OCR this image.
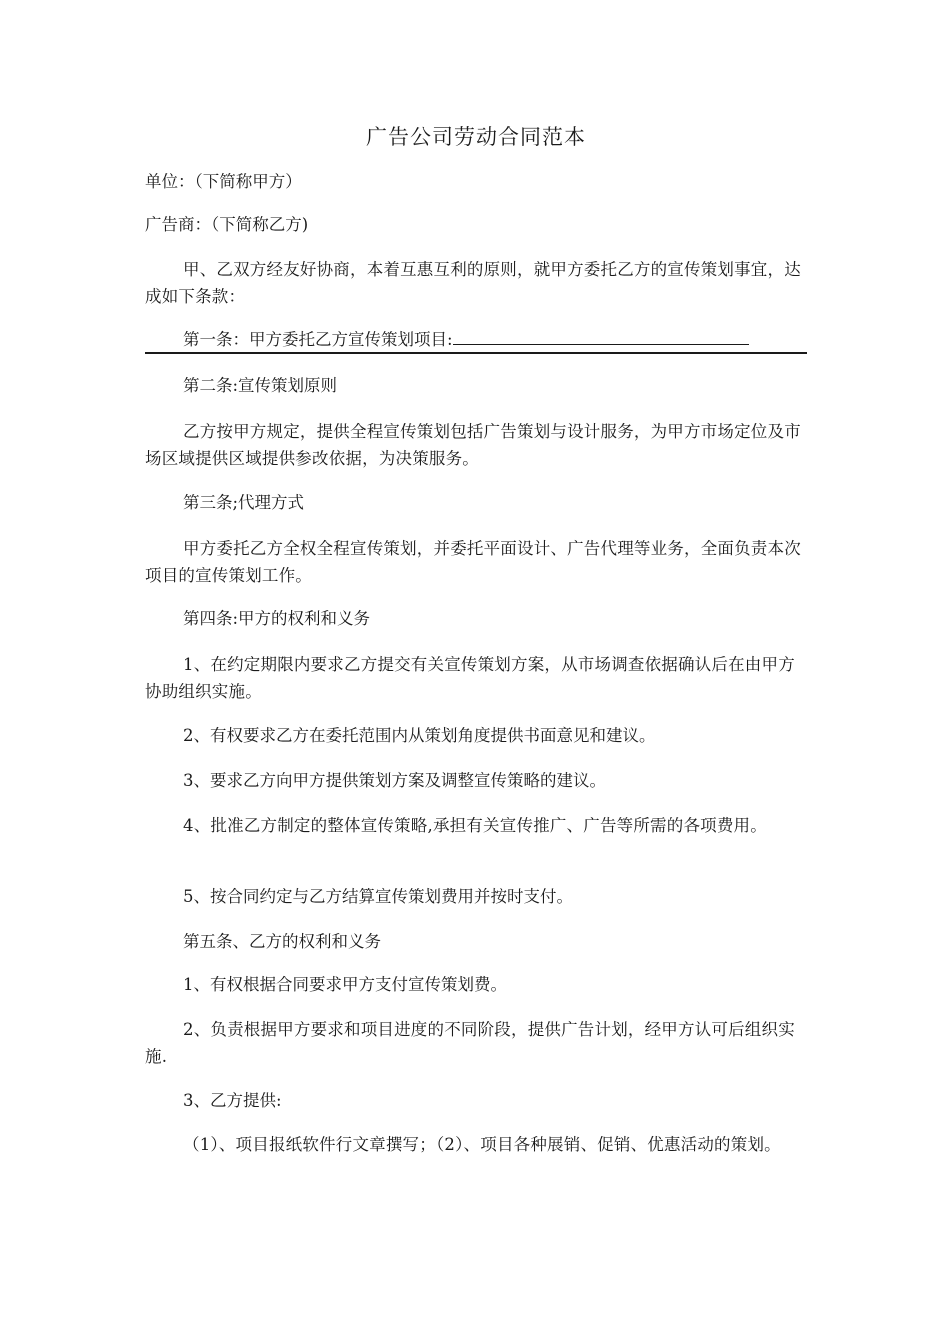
广告公司劳动合同范本

单位：（下简称甲方）

广告商：（下简称乙方)

甲、乙双方经友好协商，本着互惠互利的原则，就甲方委托乙方的宣传策划事宜，达成如下条款：

第一条：甲方委托乙方宣传策划项目:

第二条:宣传策划原则

乙方按甲方规定，提供全程宣传策划包括广告策划与设计服务，为甲方市场定位及市场区域提供区域提供参改依据，为决策服务。

第三条;代理方式

甲方委托乙方全权全程宣传策划，并委托平面设计、广告代理等业务，全面负责本次项目的宣传策划工作。

第四条:甲方的权利和义务

1、在约定期限内要求乙方提交有关宣传策划方案，从市场调查依据确认后在由甲方协助组织实施。

2、有权要求乙方在委托范围内从策划角度提供书面意见和建议。

3、要求乙方向甲方提供策划方案及调整宣传策略的建议。

4、批准乙方制定的整体宣传策略,承担有关宣传推广、广告等所需的各项费用。

5、按合同约定与乙方结算宣传策划费用并按时支付。

第五条、乙方的权利和义务

1、有权根据合同要求甲方支付宣传策划费。

2、负责根据甲方要求和项目进度的不同阶段，提供广告计划，经甲方认可后组织实施.

3、乙方提供:

（1）、项目报纸软件行文章撰写；（2）、项目各种展销、促销、优惠活动的策划。
